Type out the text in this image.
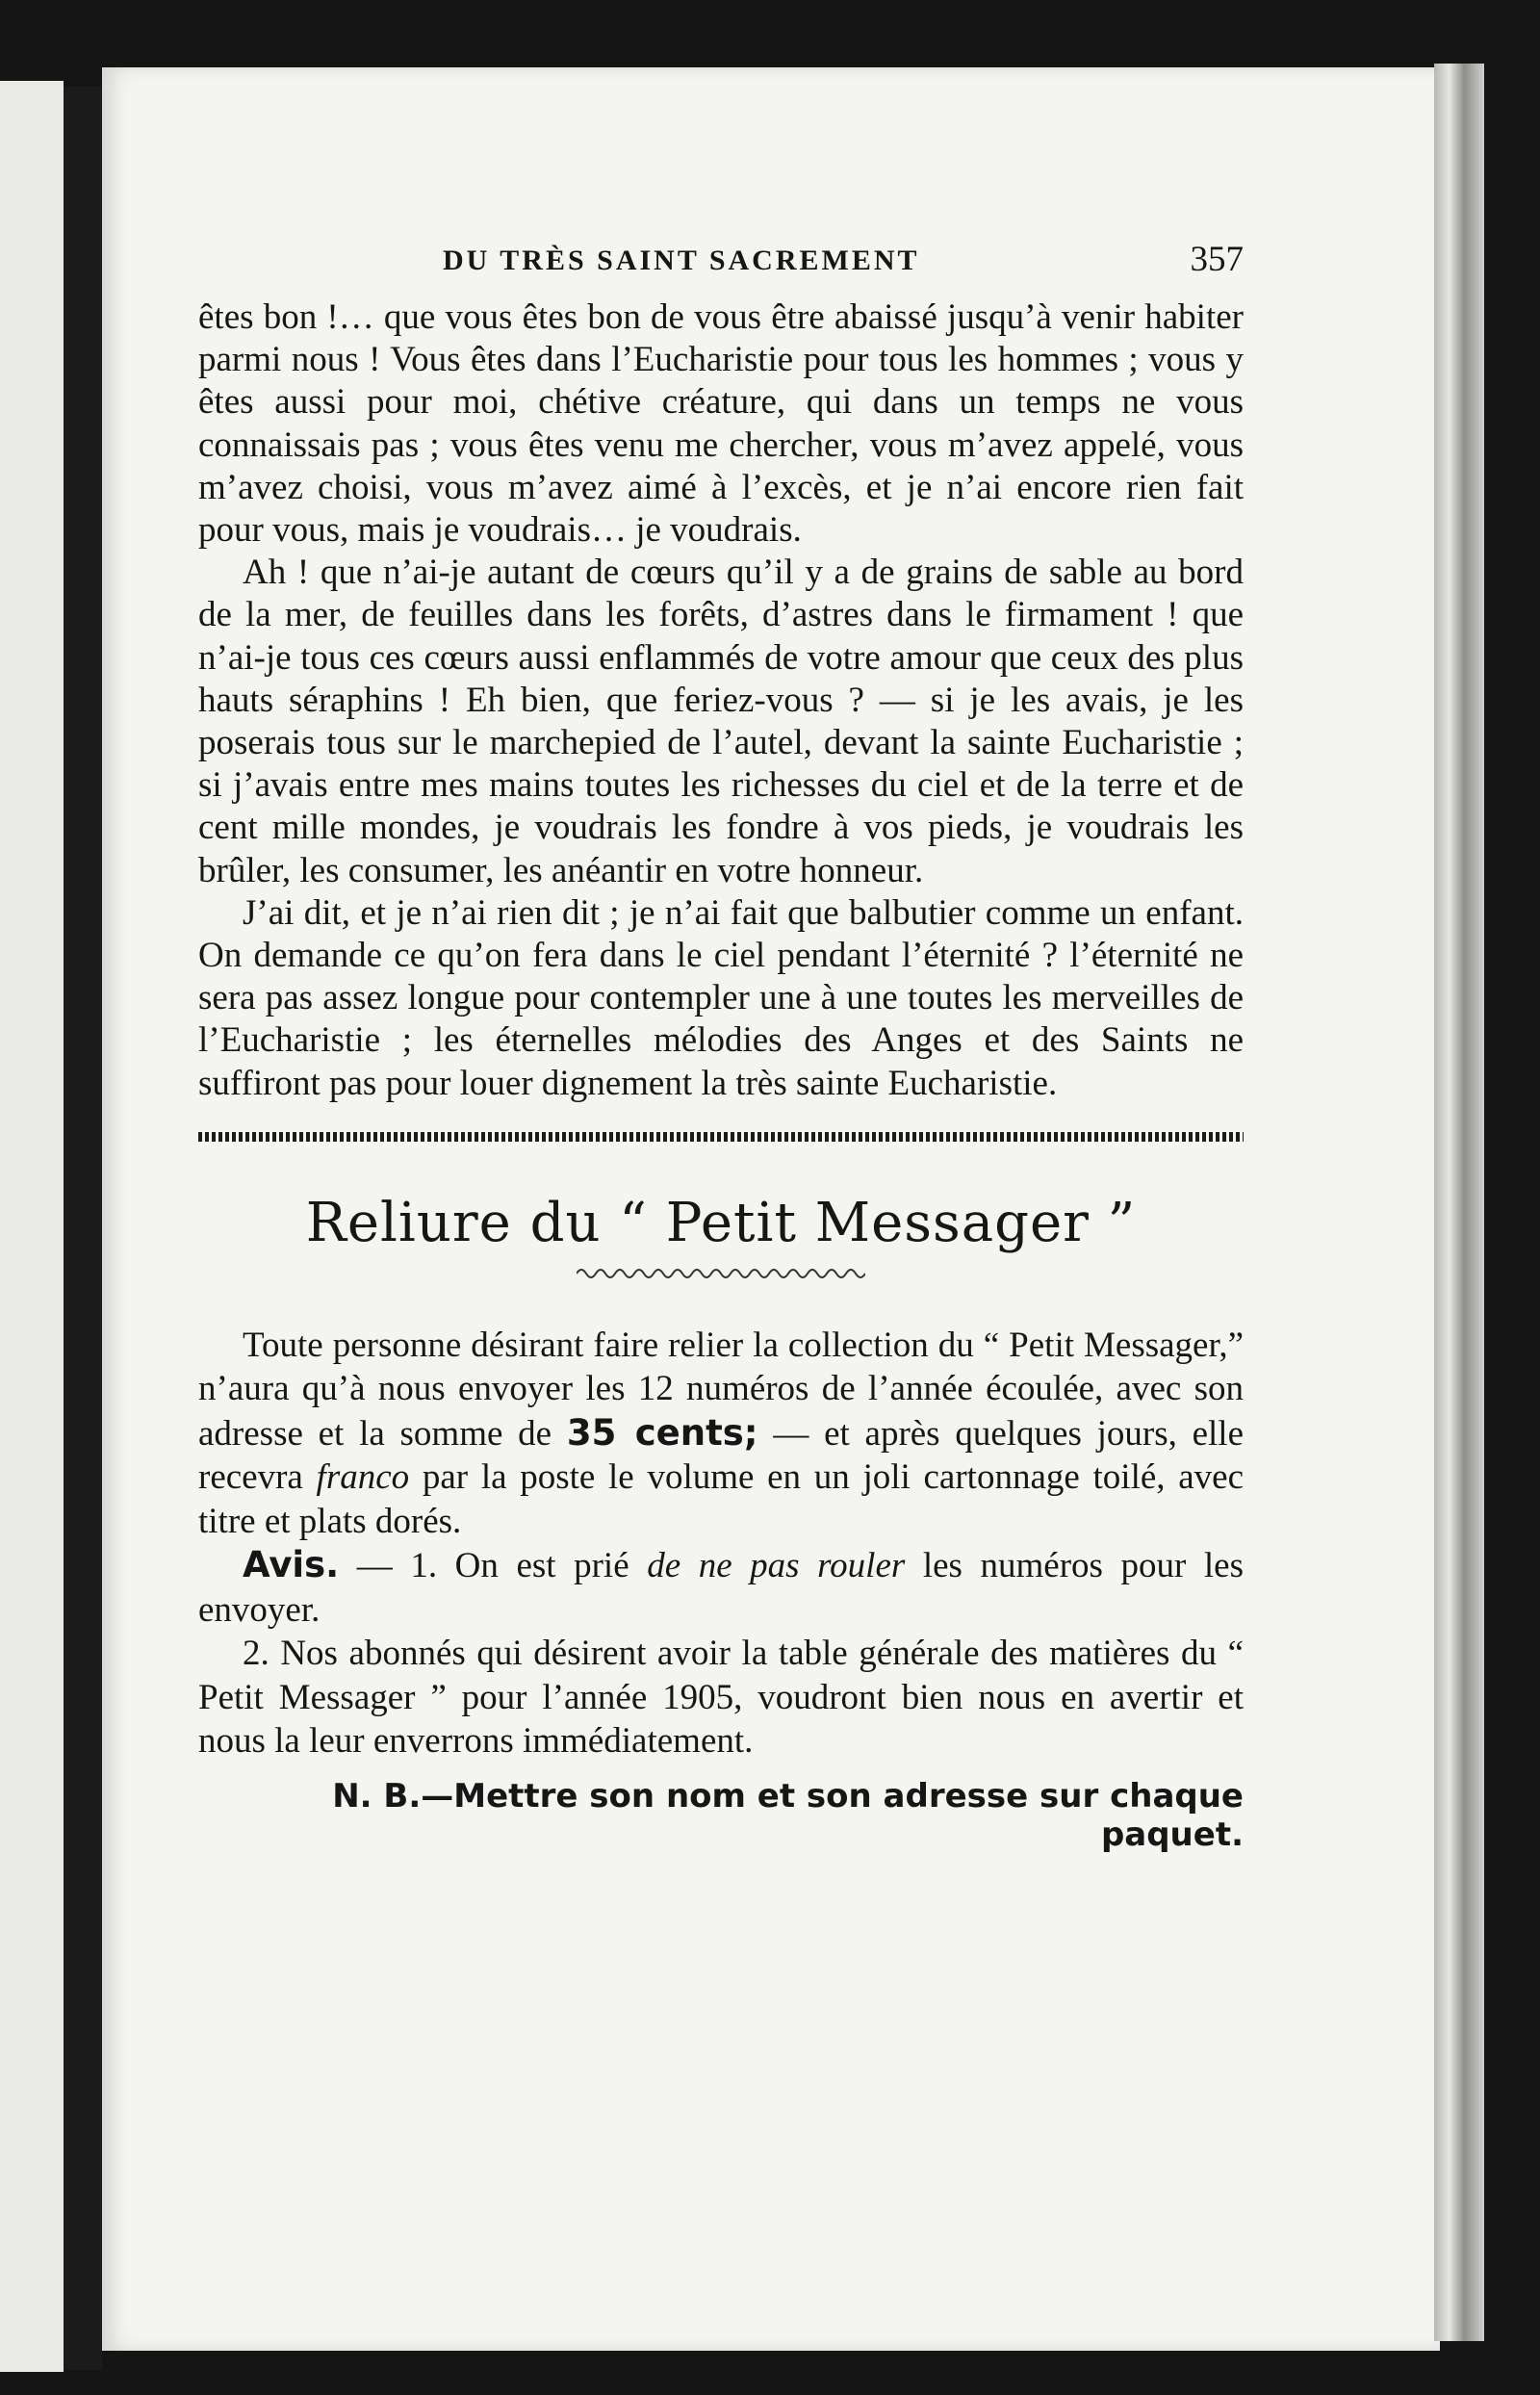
DU TRÈS SAINT SACREMENT	357

êtes bon !… que vous êtes bon de vous être abaissé jusqu’à venir habiter parmi nous ! Vous êtes dans l’Eucharistie pour tous les hommes ; vous y êtes aussi pour moi, chétive créature, qui dans un temps ne vous connaissais pas ; vous êtes venu me chercher, vous m’avez appelé, vous m’avez choisi, vous m’avez aimé à l’excès, et je n’ai encore rien fait pour vous, mais je voudrais… je voudrais.

Ah ! que n’ai-je autant de cœurs qu’il y a de grains de sable au bord de la mer, de feuilles dans les forêts, d’astres dans le firmament ! que n’ai-je tous ces cœurs aussi enflammés de votre amour que ceux des plus hauts séraphins ! Eh bien, que feriez-vous ? — si je les avais, je les poserais tous sur le marchepied de l’autel, devant la sainte Eucharistie ; si j’avais entre mes mains toutes les richesses du ciel et de la terre et de cent mille mondes, je voudrais les fondre à vos pieds, je voudrais les brûler, les consumer, les anéantir en votre honneur.

J’ai dit, et je n’ai rien dit ; je n’ai fait que balbutier comme un enfant. On demande ce qu’on fera dans le ciel pendant l’éternité ? l’éternité ne sera pas assez longue pour contempler une à une toutes les merveilles de l’Eucharistie ; les éternelles mélodies des Anges et des Saints ne suffiront pas pour louer dignement la très sainte Eucharistie.

Reliure du “ Petit Messager ”

Toute personne désirant faire relier la collection du “ Petit Messager,” n’aura qu’à nous envoyer les 12 numéros de l’année écoulée, avec son adresse et la somme de 35 cents; — et après quelques jours, elle recevra franco par la poste le volume en un joli cartonnage toilé, avec titre et plats dorés.

Avis. — 1. On est prié de ne pas rouler les numéros pour les envoyer.

2. Nos abonnés qui désirent avoir la table générale des matières du “ Petit Messager ” pour l’année 1905, voudront bien nous en avertir et nous la leur enverrons immédiatement.

N. B.—Mettre son nom et son adresse sur chaque paquet.
